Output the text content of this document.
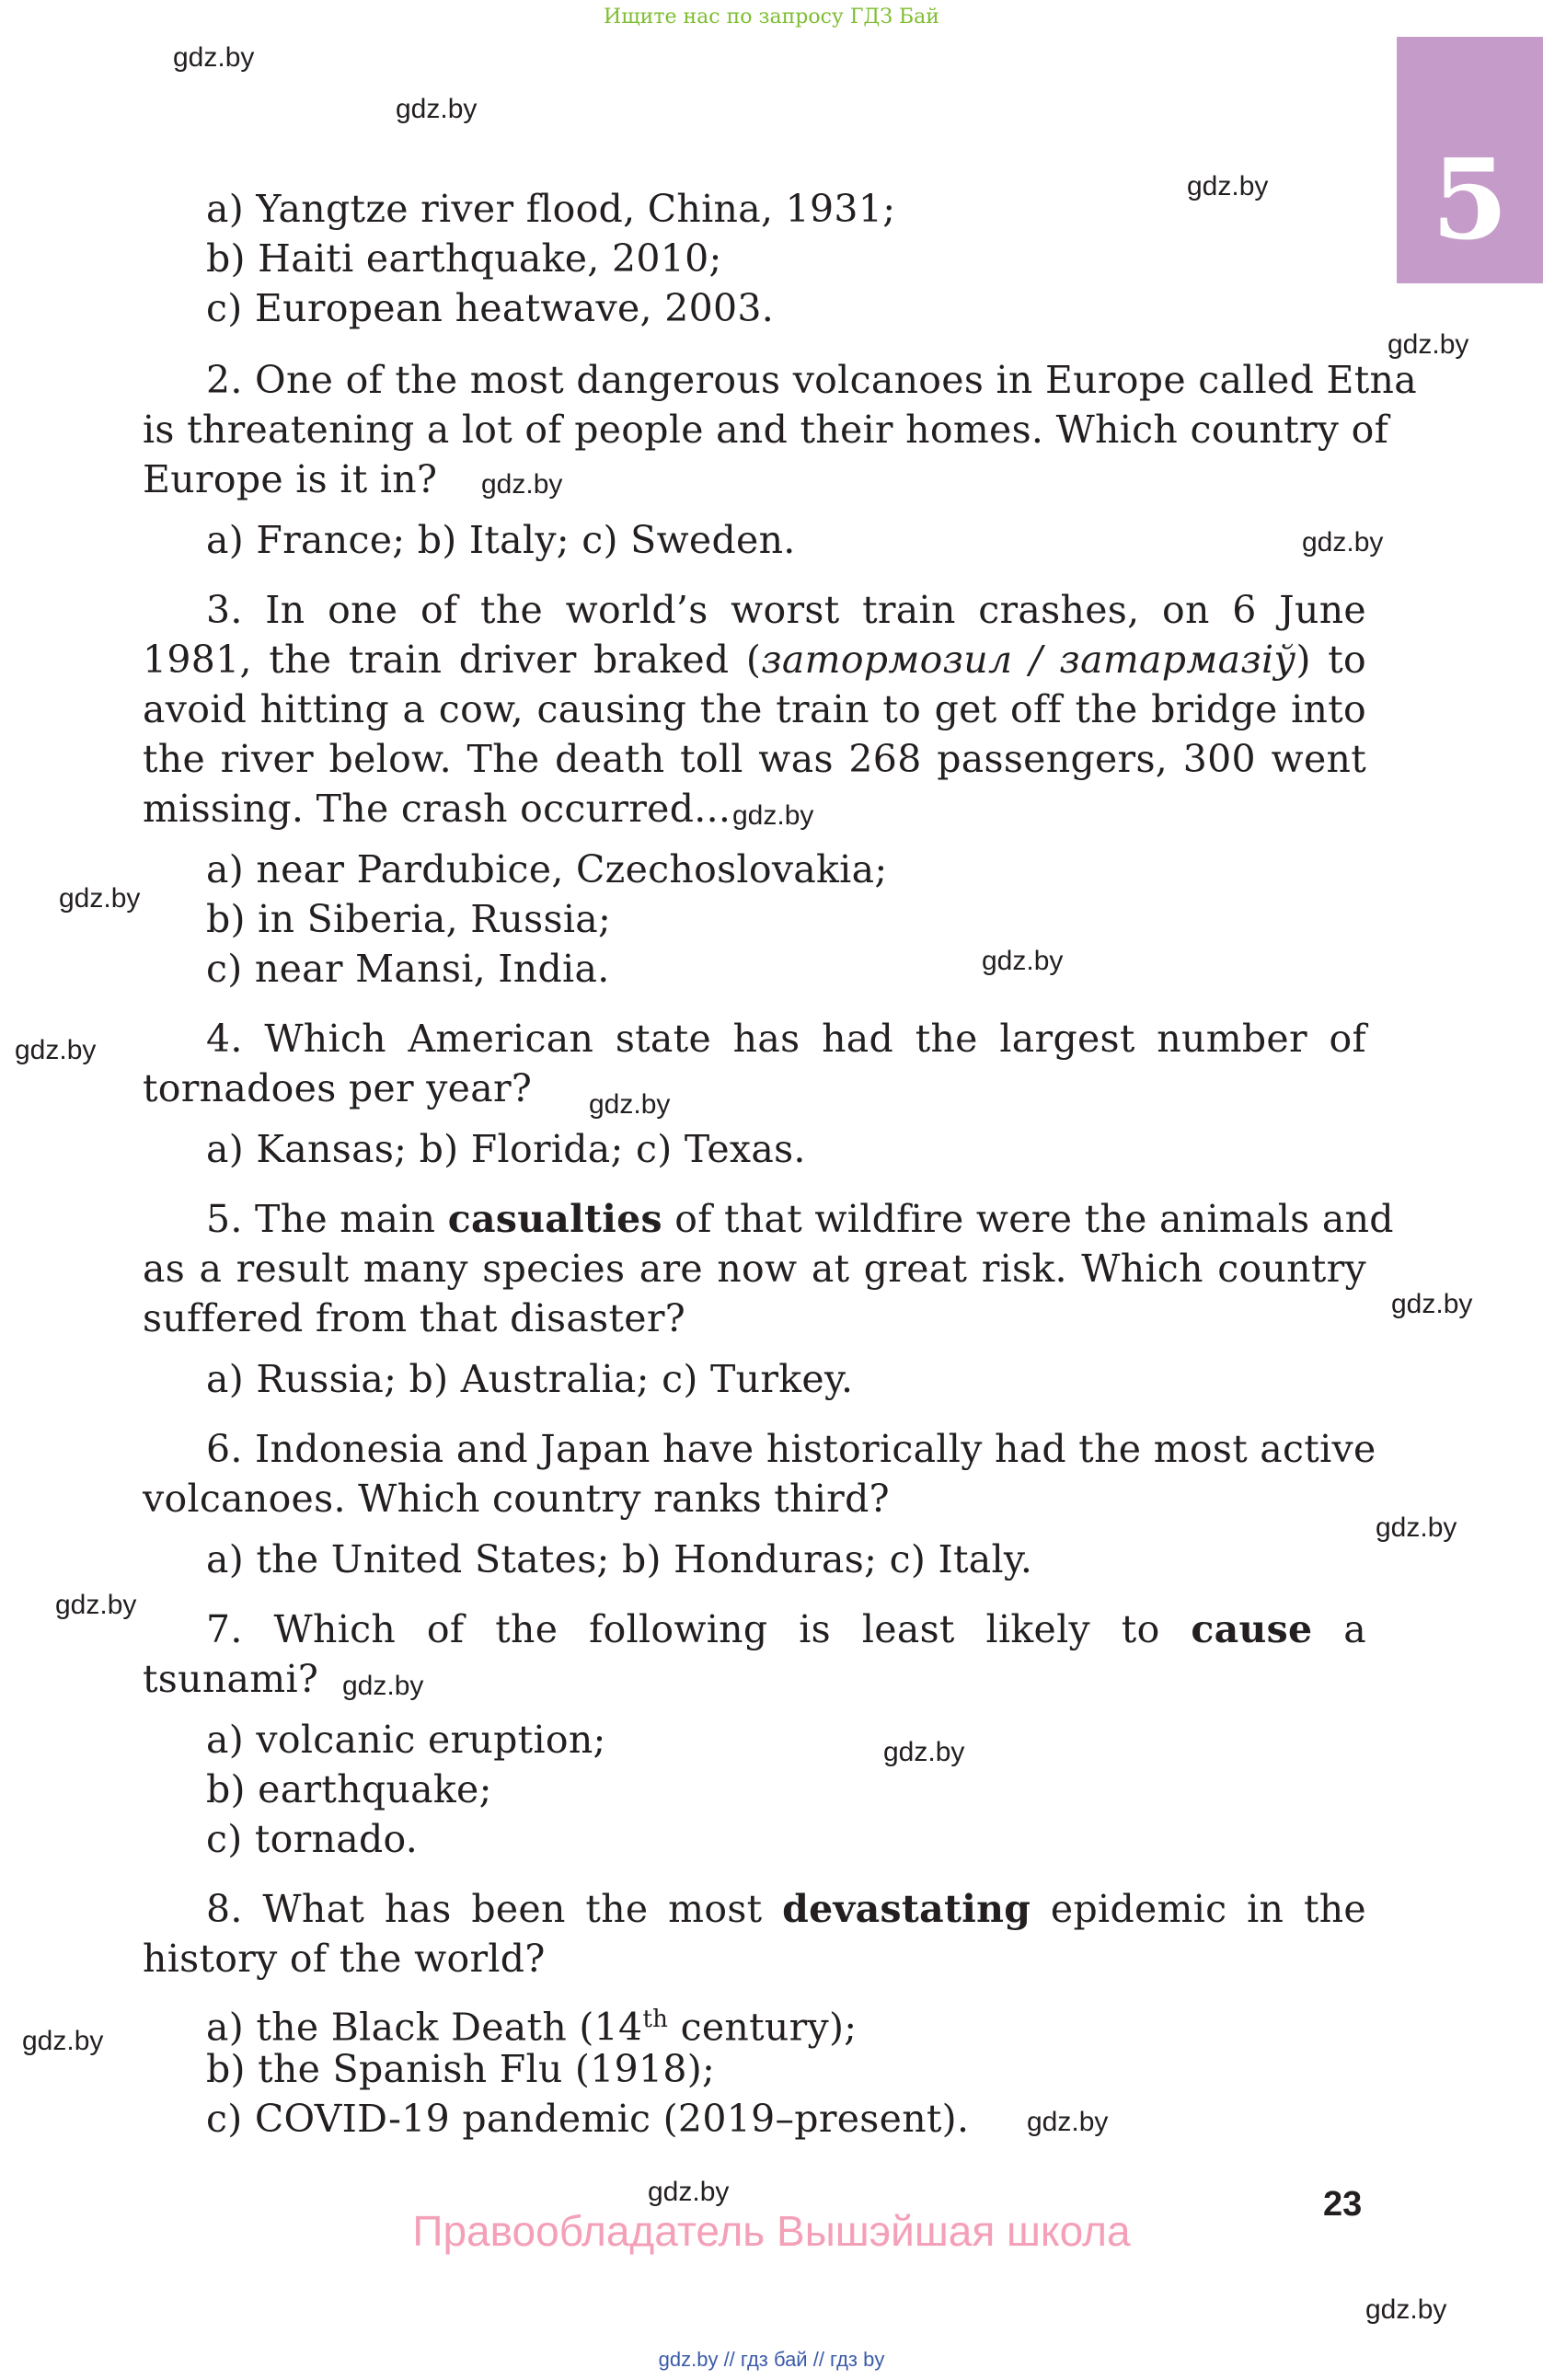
Ищите нас по запросу ГДЗ Бай
5
gdz.by
gdz.by
gdz.by
gdz.by
gdz.by
gdz.by
gdz.by
gdz.by
gdz.by
gdz.by
gdz.by
gdz.by
gdz.by
gdz.by
gdz.by
gdz.by
gdz.by
gdz.by
gdz.by
gdz.by
a) Yangtze river flood, China, 1931;
b) Haiti earthquake, 2010;
c) European heatwave, 2003.
2. One of the most dangerous volcanoes in Europe called Etna
is threatening a lot of people and their homes. Which country of
Europe is it in?
a) France; b) Italy; c) Sweden.
3. In one of the world’s worst train crashes, on 6 June
1981, the train driver braked (затормозил / затармазіў) to
avoid hitting a cow, causing the train to get off the bridge into
the river below. The death toll was 268 passengers, 300 went
missing. The crash occurred...
a) near Pardubice, Czechoslovakia;
b) in Siberia, Russia;
c) near Mansi, India.
4. Which American state has had the largest number of
tornadoes per year?
a) Kansas; b) Florida; c) Texas.
5. The main casualties of that wildfire were the animals and
as a result many species are now at great risk. Which country
suffered from that disaster?
a) Russia; b) Australia; c) Turkey.
6. Indonesia and Japan have historically had the most active
volcanoes. Which country ranks third?
a) the United States; b) Honduras; c) Italy.
7. Which of the following is least likely to cause a
tsunami?
a) volcanic eruption;
b) earthquake;
c) tornado.
8. What has been the most devastating epidemic in the
history of the world?
a) the Black Death (14th century);
b) the Spanish Flu (1918);
c) COVID-19 pandemic (2019–present).
23
Правообладатель Вышэйшая школа
gdz.by // гдз бай // гдз by
